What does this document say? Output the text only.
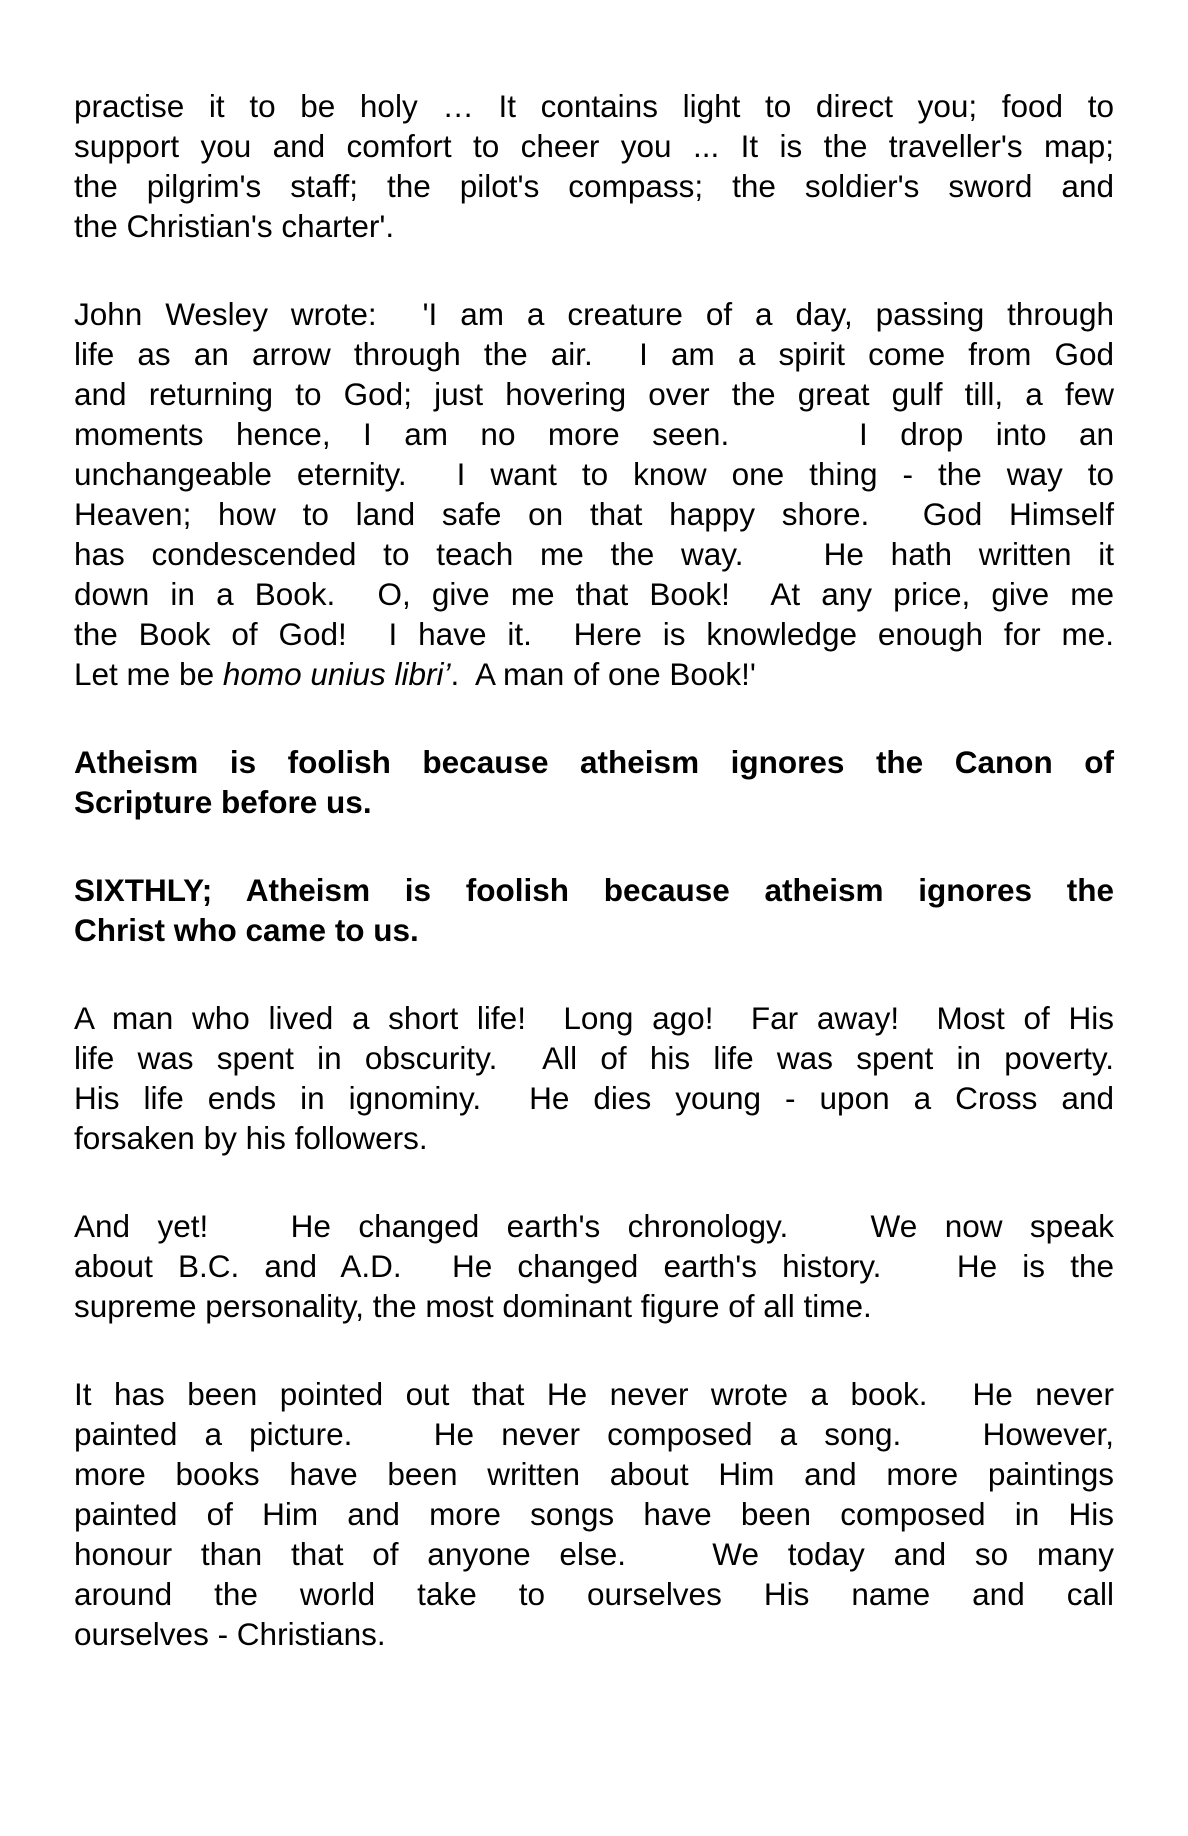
practise it to be holy … It contains light to direct you; food to
support you and comfort to cheer you ... It is the traveller's map;
the pilgrim's staff; the pilot's compass; the soldier's sword and
the Christian's charter'.
John Wesley wrote:  'I am a creature of a day, passing through
life as an arrow through the air.  I am a spirit come from God
and returning to God; just hovering over the great gulf till, a few
moments hence, I am no more seen.    I drop into an
unchangeable eternity.  I want to know one thing - the way to
Heaven; how to land safe on that happy shore.  God Himself
has condescended to teach me the way.   He hath written it
down in a Book.  O, give me that Book!  At any price, give me
the Book of God!  I have it.  Here is knowledge enough for me.
Let me be homo unius libri’.  A man of one Book!'
Atheism is foolish because atheism ignores the Canon of
Scripture before us.
SIXTHLY; Atheism is foolish because atheism ignores the
Christ who came to us.
A man who lived a short life!  Long ago!  Far away!  Most of His
life was spent in obscurity.  All of his life was spent in poverty.
His life ends in ignominy.  He dies young - upon a Cross and
forsaken by his followers.
And yet!   He changed earth's chronology.   We now speak
about B.C. and A.D.  He changed earth's history.   He is the
supreme personality, the most dominant figure of all time.
It has been pointed out that He never wrote a book.  He never
painted a picture.   He never composed a song.   However,
more books have been written about Him and more paintings
painted of Him and more songs have been composed in His
honour than that of anyone else.   We today and so many
around the world take to ourselves His name and call
ourselves - Christians.
